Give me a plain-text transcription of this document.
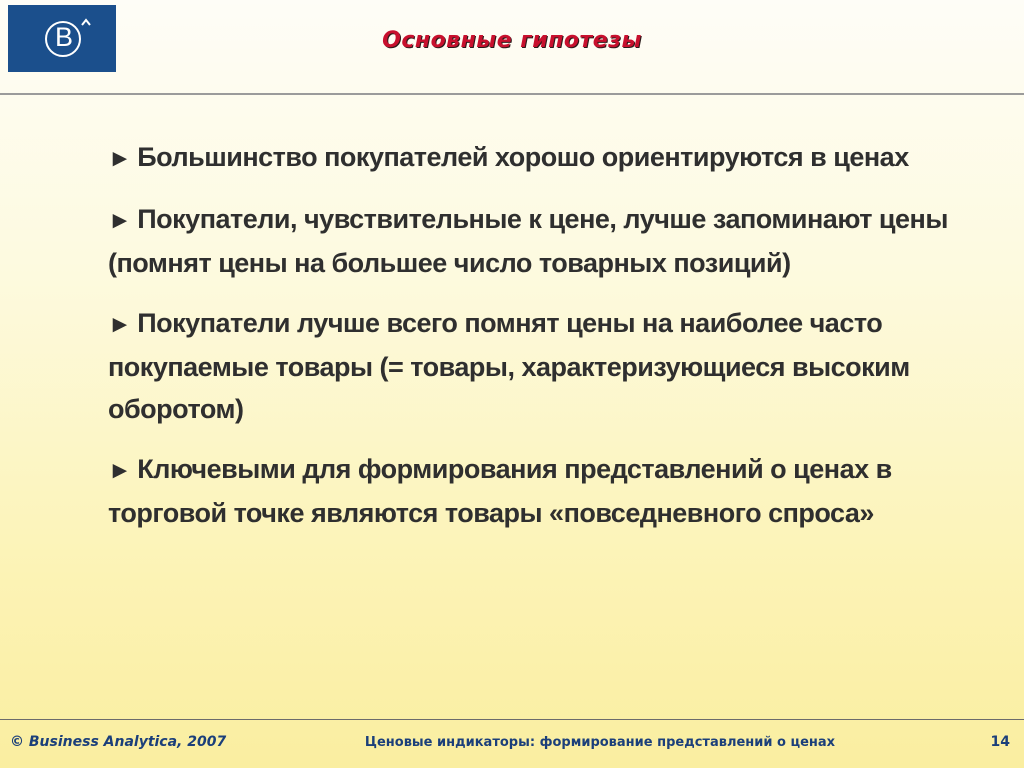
B	Основные гипотезы
► Большинство покупателей хорошо ориентируются в ценах
► Покупатели, чувствительные к цене, лучше запоминают цены (помнят цены на большее число товарных позиций)
► Покупатели лучше всего помнят цены на наиболее часто покупаемые товары (= товары, характеризующиеся высоким оборотом)
► Ключевыми для формирования представлений о ценах в торговой точке являются товары «повседневного спроса»
© Business Analytica, 2007	Ценовые индикаторы: формирование представлений о ценах	14
